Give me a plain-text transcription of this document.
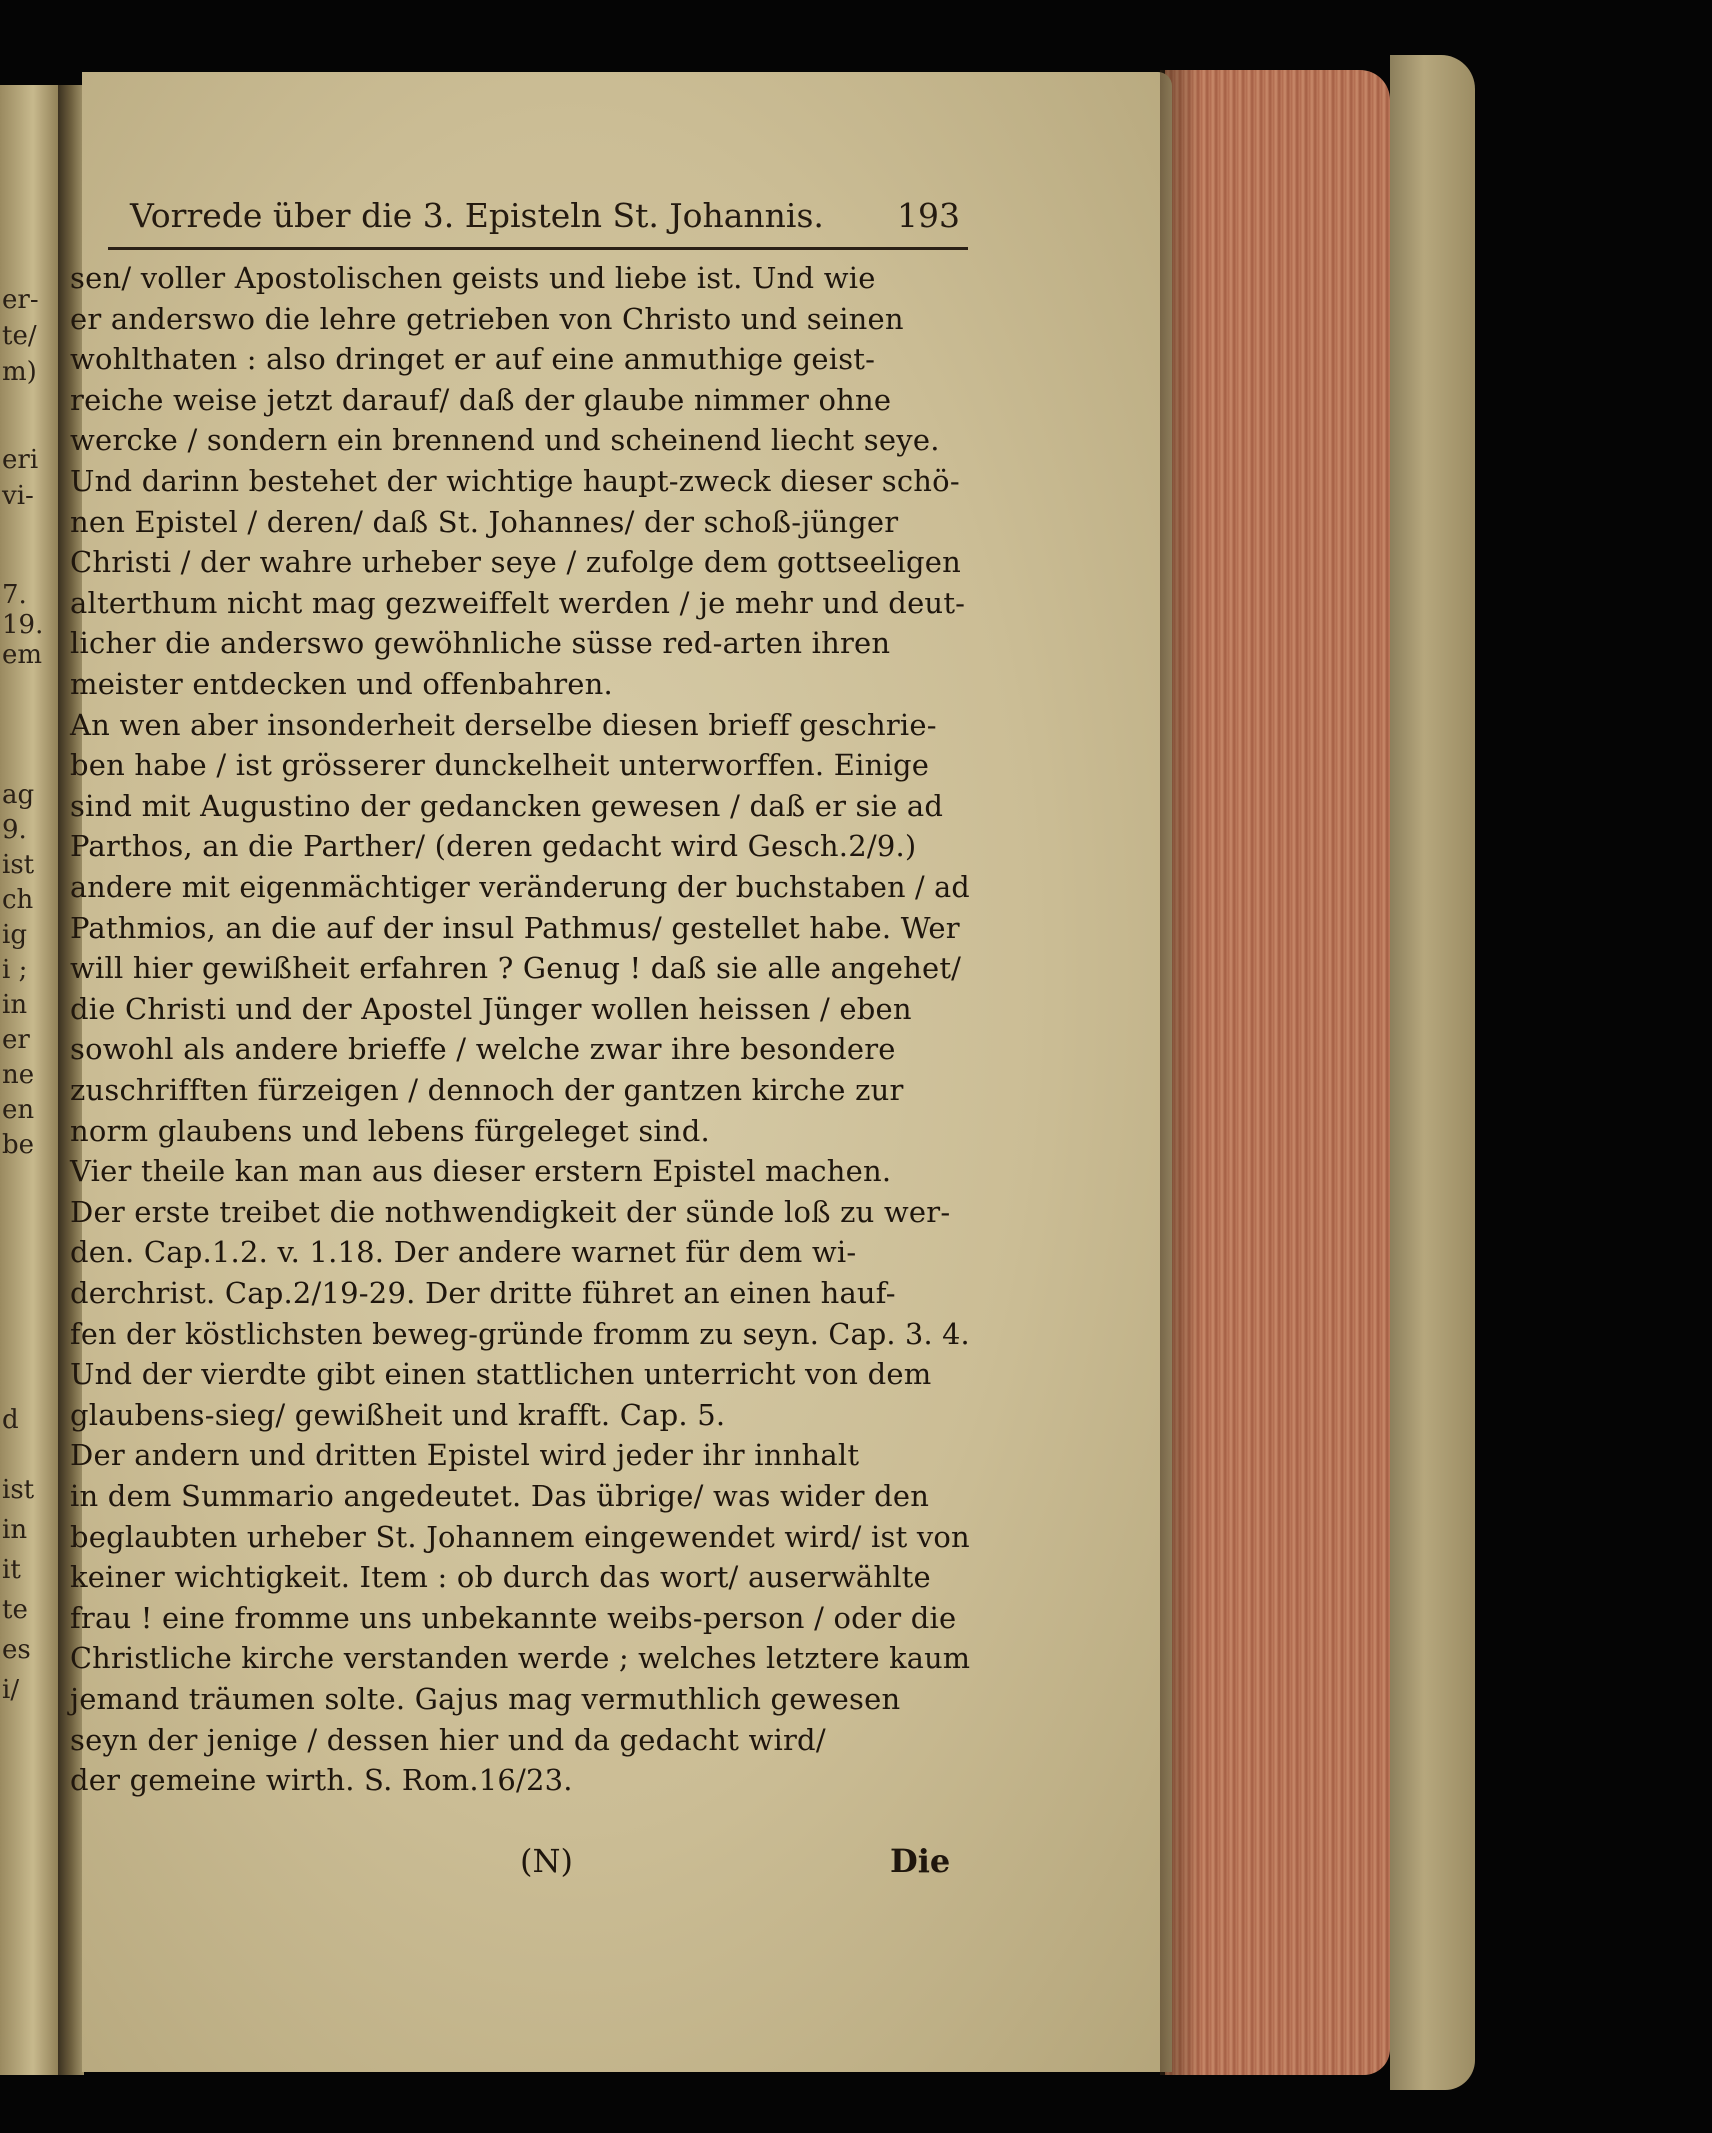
er-
te/
m)
eri
vi-
7.
19.
em
ag
9.
ist
ch
ig
i ;
in
er
ne
en
be
d
ist
in
it
te
es
i/
Vorrede über die 3. Episteln St. Johannis. 193
sen/ voller Apostolischen geists und liebe ist. Und wie
er anderswo die lehre getrieben von Christo und seinen
wohlthaten : also dringet er auf eine anmuthige geist-
reiche weise jetzt darauf/ daß der glaube nimmer ohne
wercke / sondern ein brennend und scheinend liecht seye.
Und darinn bestehet der wichtige haupt-zweck dieser schö-
nen Epistel / deren/ daß St. Johannes/ der schoß-jünger
Christi / der wahre urheber seye / zufolge dem gottseeligen
alterthum nicht mag gezweiffelt werden / je mehr und deut-
licher die anderswo gewöhnliche süsse red-arten ihren
meister entdecken und offenbahren.
An wen aber insonderheit derselbe diesen brieff geschrie-
ben habe / ist grösserer dunckelheit unterworffen. Einige
sind mit Augustino der gedancken gewesen / daß er sie ad
Parthos, an die Parther/ (deren gedacht wird Gesch.2/9.)
andere mit eigenmächtiger veränderung der buchstaben / ad
Pathmios, an die auf der insul Pathmus/ gestellet habe. Wer
will hier gewißheit erfahren ? Genug ! daß sie alle angehet/
die Christi und der Apostel Jünger wollen heissen / eben
sowohl als andere brieffe / welche zwar ihre besondere
zuschrifften fürzeigen / dennoch der gantzen kirche zur
norm glaubens und lebens fürgeleget sind.
Vier theile kan man aus dieser erstern Epistel machen.
Der erste treibet die nothwendigkeit der sünde loß zu wer-
den. Cap.1.2. v. 1.18. Der andere warnet für dem wi-
derchrist. Cap.2/19-29. Der dritte führet an einen hauf-
fen der köstlichsten beweg-gründe fromm zu seyn. Cap. 3. 4.
Und der vierdte gibt einen stattlichen unterricht von dem
glaubens-sieg/ gewißheit und krafft. Cap. 5.
Der andern und dritten Epistel wird jeder ihr innhalt
in dem Summario angedeutet. Das übrige/ was wider den
beglaubten urheber St. Johannem eingewendet wird/ ist von
keiner wichtigkeit. Item : ob durch das wort/ auserwählte
frau ! eine fromme uns unbekannte weibs-person / oder die
Christliche kirche verstanden werde ; welches letztere kaum
jemand träumen solte. Gajus mag vermuthlich gewesen
seyn der jenige / dessen hier und da gedacht wird/
der gemeine wirth. S. Rom.16/23.
(N)	Die
